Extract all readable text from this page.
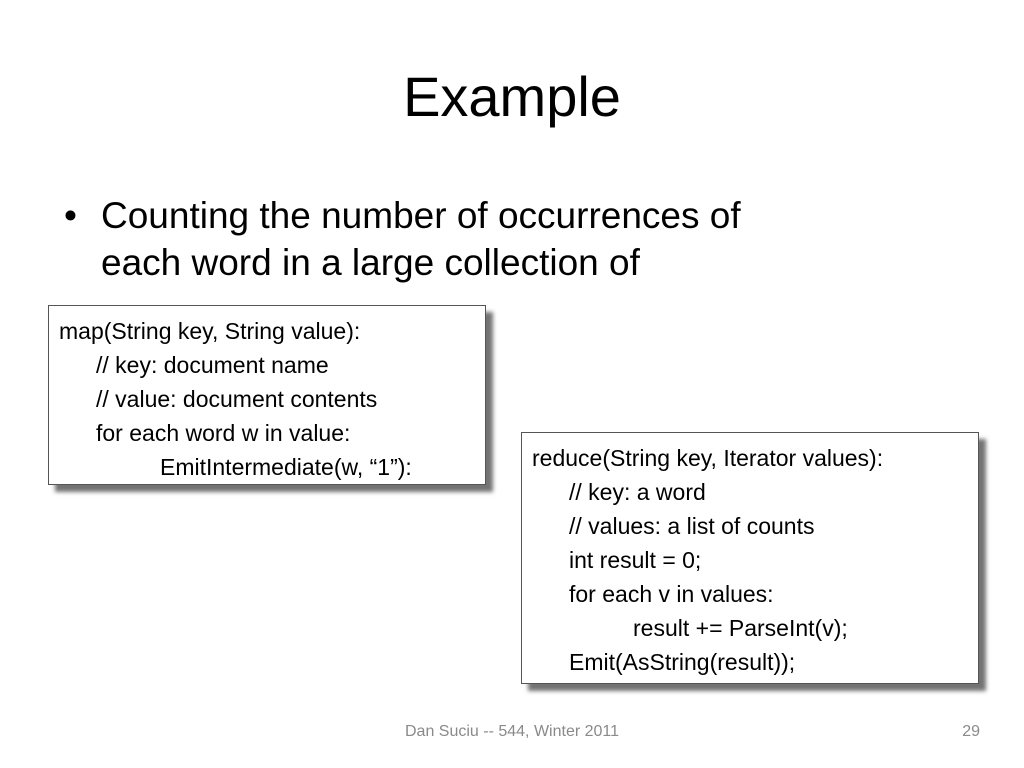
Example
• Counting the number of occurrences of
each word in a large collection of
map(String key, String value):
// key: document name
// value: document contents
for each word w in value:
EmitIntermediate(w, “1”):	reduce(String key, Iterator values):
// key: a word
// values: a list of counts
int result = 0;
for each v in values:
result += ParseInt(v);
Emit(AsString(result));
Dan Suciu -- 544, Winter 2011	29
